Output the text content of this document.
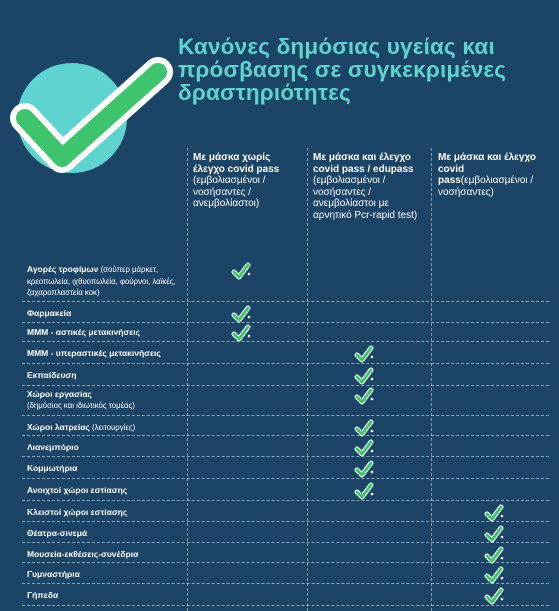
Κανόνες δημόσιας υγείας και
πρόσβασης σε συγκεκριμένες
δραστηριότητες
Με μάσκα χωρίς έλεγχο covid pass (εμβολιασμένοι / νοσήσαντες / ανεμβολίαστοι)
Με μάσκα και έλεγχο covid pass / edupass (εμβολιασμένοι / νοσήσαντες / ανεμβολίαστοι με αρνητικό Pcr-rapid test)
Με μάσκα και έλεγχο covid pass(εμβολιασμένοι /νοσήσαντες)
Αγορές τροφίμων (σούπερ μάρκετ, κρεοπωλεία, ιχθυοπωλεία, φούρνοι, λαϊκές, ζαχαροπλαστεία κοκ)
Φαρμακεία
ΜΜΜ - αστικές μετακινήσεις
ΜΜΜ - υπεραστικές μετακινήσεις
Εκπαίδευση
Χώροι εργασίας
(δημόσιος και ιδιωτικός τομέας)
Χώροι λατρείας (λειτουργίες)
Λιανεμπόριο
Κομμωτήρια
Ανοιχτοί χώροι εστίασης
Κλειστοί χώροι εστίασης
Θέατρα-σινεμά
Μουσεία-εκθέσεις-συνέδρια
Γυμναστήρια
Γήπεδα
